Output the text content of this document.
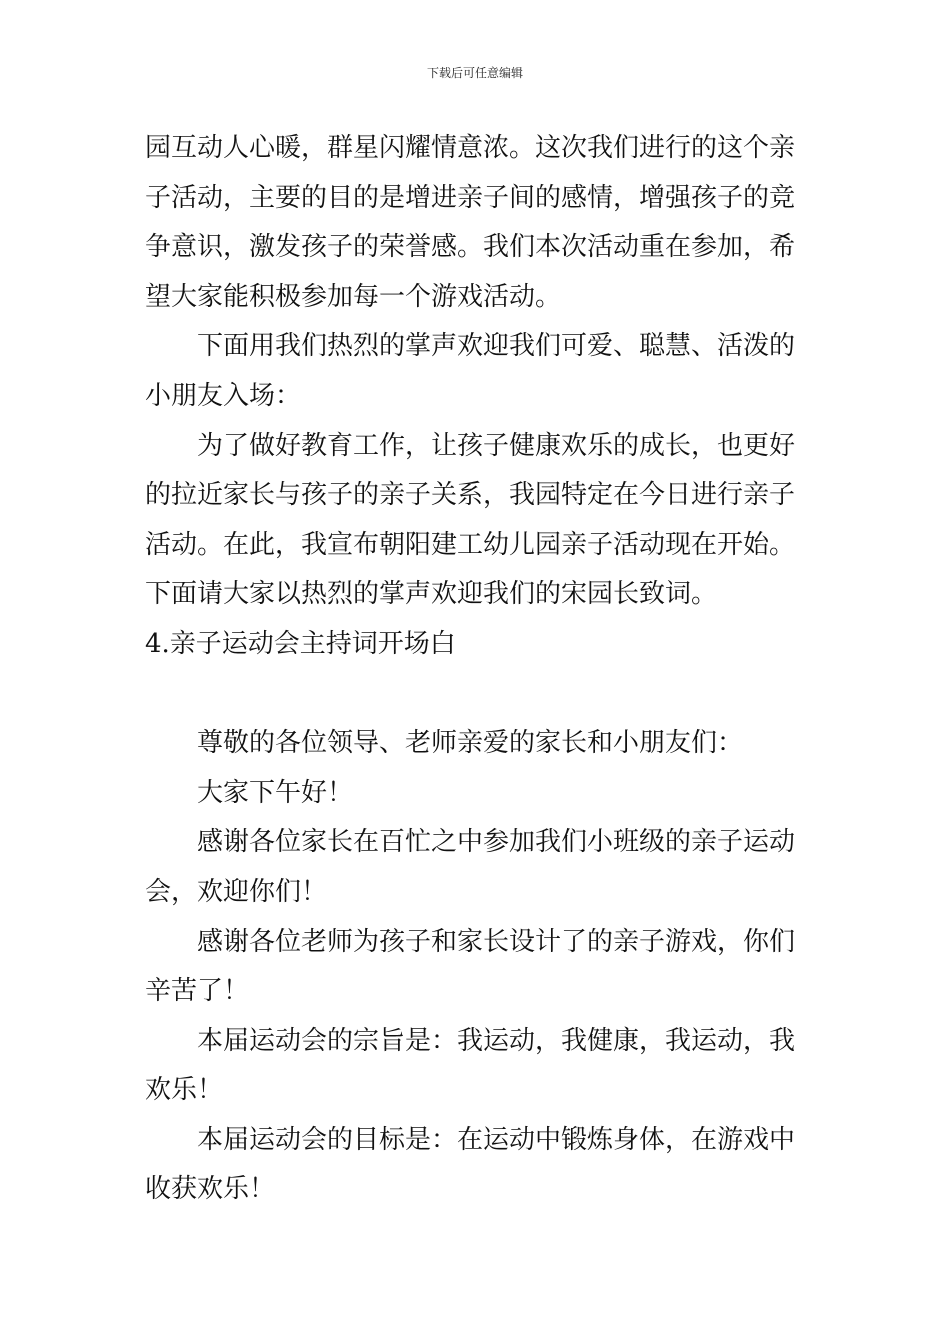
下载后可任意编辑
园互动人心暖，群星闪耀情意浓。这次我们进行的这个亲
子活动，主要的目的是增进亲子间的感情，增强孩子的竞
争意识，激发孩子的荣誉感。我们本次活动重在参加，希
望大家能积极参加每一个游戏活动。
下面用我们热烈的掌声欢迎我们可爱、聪慧、活泼的
小朋友入场：
为了做好教育工作，让孩子健康欢乐的成长，也更好
的拉近家长与孩子的亲子关系，我园特定在今日进行亲子
活动。在此，我宣布朝阳建工幼儿园亲子活动现在开始。
下面请大家以热烈的掌声欢迎我们的宋园长致词。
4.亲子运动会主持词开场白
尊敬的各位领导、老师亲爱的家长和小朋友们：
大家下午好！
感谢各位家长在百忙之中参加我们小班级的亲子运动
会，欢迎你们！
感谢各位老师为孩子和家长设计了的亲子游戏，你们
辛苦了！
本届运动会的宗旨是：我运动，我健康，我运动，我
欢乐！
本届运动会的目标是：在运动中锻炼身体，在游戏中
收获欢乐！
